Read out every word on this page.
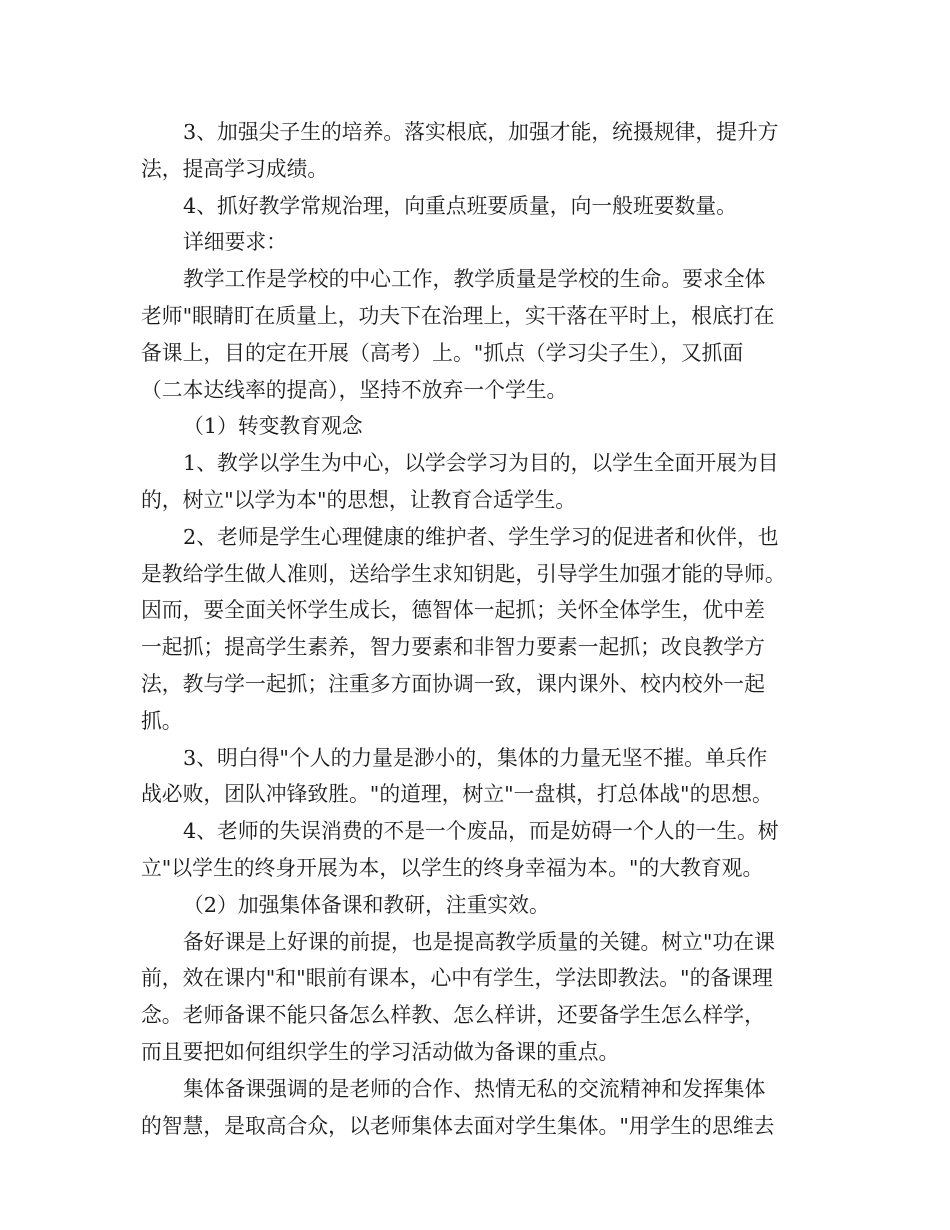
3、加强尖子生的培养。落实根底，加强才能，统摄规律，提升方
法，提高学习成绩。
4、抓好教学常规治理，向重点班要质量，向一般班要数量。
详细要求：
教学工作是学校的中心工作，教学质量是学校的生命。要求全体
老师"眼睛盯在质量上，功夫下在治理上，实干落在平时上，根底打在
备课上，目的定在开展（高考）上。"抓点（学习尖子生），又抓面
（二本达线率的提高），坚持不放弃一个学生。
（1）转变教育观念
1、教学以学生为中心，以学会学习为目的，以学生全面开展为目
的，树立"以学为本"的思想，让教育合适学生。
2、老师是学生心理健康的维护者、学生学习的促进者和伙伴，也
是教给学生做人准则，送给学生求知钥匙，引导学生加强才能的导师。
因而，要全面关怀学生成长，德智体一起抓；关怀全体学生，优中差
一起抓；提高学生素养，智力要素和非智力要素一起抓；改良教学方
法，教与学一起抓；注重多方面协调一致，课内课外、校内校外一起
抓。
3、明白得"个人的力量是渺小的，集体的力量无坚不摧。单兵作
战必败，团队冲锋致胜。"的道理，树立"一盘棋，打总体战"的思想。
4、老师的失误消费的不是一个废品，而是妨碍一个人的一生。树
立"以学生的终身开展为本，以学生的终身幸福为本。"的大教育观。
（2）加强集体备课和教研，注重实效。
备好课是上好课的前提，也是提高教学质量的关键。树立"功在课
前，效在课内"和"眼前有课本，心中有学生，学法即教法。"的备课理
念。老师备课不能只备怎么样教、怎么样讲，还要备学生怎么样学，
而且要把如何组织学生的学习活动做为备课的重点。
集体备课强调的是老师的合作、热情无私的交流精神和发挥集体
的智慧，是取高合众，以老师集体去面对学生集体。"用学生的思维去
